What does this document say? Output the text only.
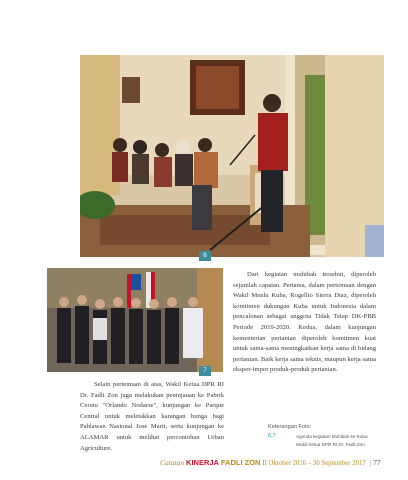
6
7
Dari kegiatan muhibah tersebut, diperoleh sejumlah capaian. Pertama, dalam pertemuan dengan Wakil Menlu Kuba, Rogellio Sierra Diaz, diperoleh komitmen dukungan Kuba untuk Indonesia dalam pencalonan sebagai anggota Tidak Tetap DK-PBB Periode 2019-2020. Kedua, dalam kunjungan kementerian pertanian diperoleh komitmen kuat untuk sama-sama meningkatkan kerja sama di bidang pertanian. Baik kerja sama teknis, maupun kerja sama ekspor-impor produk-produk pertanian.
Selain pertemuan di atas, Wakil Ketua DPR RI Dr. Fadli Zon juga melakukan peninjauan ke Pabrik Cerutu "Orlando Nodarse", kunjungan ke Parque Central untuk meletakkan karangan bunga bagi Pahlawan Nasional Jose Marti, serta kunjungan ke ALAMAR untuk melihat percontohan Urban Agriculture.
Keterangan Foto:
6,7	Agenda kegiatan Muhibah ke Kuba
Wakil Ketua DPR RI Dr. Fadli Zon.
Catatan KINERJA FADLI ZON II Oktober 2016 – 30 September 2017 | 77
